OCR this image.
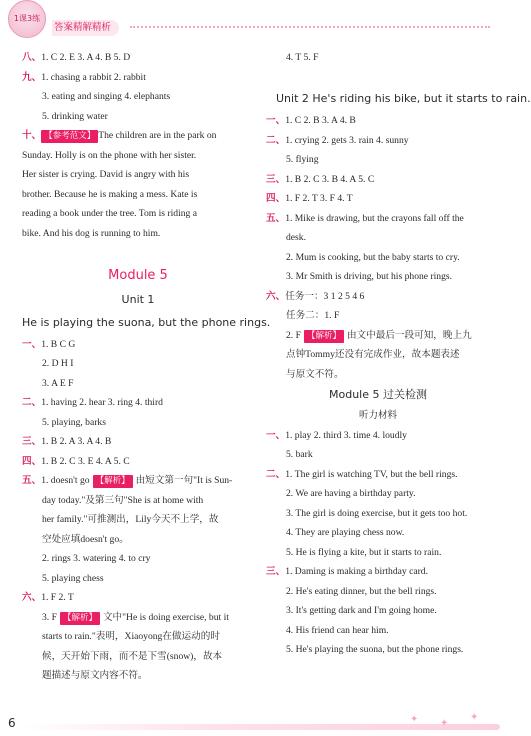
1课3练
答案精解精析
八、1. C 2. E 3. A 4. B 5. D
九、1. chasing a rabbit 2. rabbit
3. eating and singing 4. elephants
5. drinking water
十、 【参考范文】 The children are in the park on
Sunday. Holly is on the phone with her sister.
Her sister is crying. David is angry with his
brother. Because he is making a mess. Kate is
reading a book under the tree. Tom is riding a
bike. And his dog is running to him.
Module 5
Unit 1
He is playing the suona, but the phone rings.
一、1. B C G
2. D H I
3. A E F
二、1. having 2. hear 3. ring 4. third
5. playing, barks
三、1. B 2. A 3. A 4. B
四、1. B 2. C 3. E 4. A 5. C
五、1. doesn't go 【解析】 由短文第一句"It is Sun-
day today."及第三句"She is at home with
her family."可推测出，Lily今天不上学，故
空处应填doesn't go。
2. rings 3. watering 4. to cry
5. playing chess
六、1. F 2. T
3. F 【解析】 文中"He is doing exercise, but it
starts to rain."表明，Xiaoyong在做运动的时
候，天开始下雨，而不是下雪(snow)，故本
题描述与原文内容不符。
4. T 5. F
Unit 2 He's riding his bike, but it starts to rain.
一、1. C 2. B 3. A 4. B
二、1. crying 2. gets 3. rain 4. sunny
5. flying
三、1. B 2. C 3. B 4. A 5. C
四、1. F 2. T 3. F 4. T
五、1. Mike is drawing, but the crayons fall off the
desk.
2. Mum is cooking, but the baby starts to cry.
3. Mr Smith is driving, but his phone rings.
六、任务一：3 1 2 5 4 6
任务二：1. F
2. F 【解析】 由文中最后一段可知，晚上九
点钟Tommy还没有完成作业，故本题表述
与原文不符。
Module 5 过关检测
听力材料
一、1. play 2. third 3. time 4. loudly
5. bark
二、1. The girl is watching TV, but the bell rings.
2. We are having a birthday party.
3. The girl is doing exercise, but it gets too hot.
4. They are playing chess now.
5. He is flying a kite, but it starts to rain.
三、1. Daming is making a birthday card.
2. He's eating dinner, but the bell rings.
3. It's getting dark and I'm going home.
4. His friend can hear him.
5. He's playing the suona, but the phone rings.
6	✦ ✦
✦
